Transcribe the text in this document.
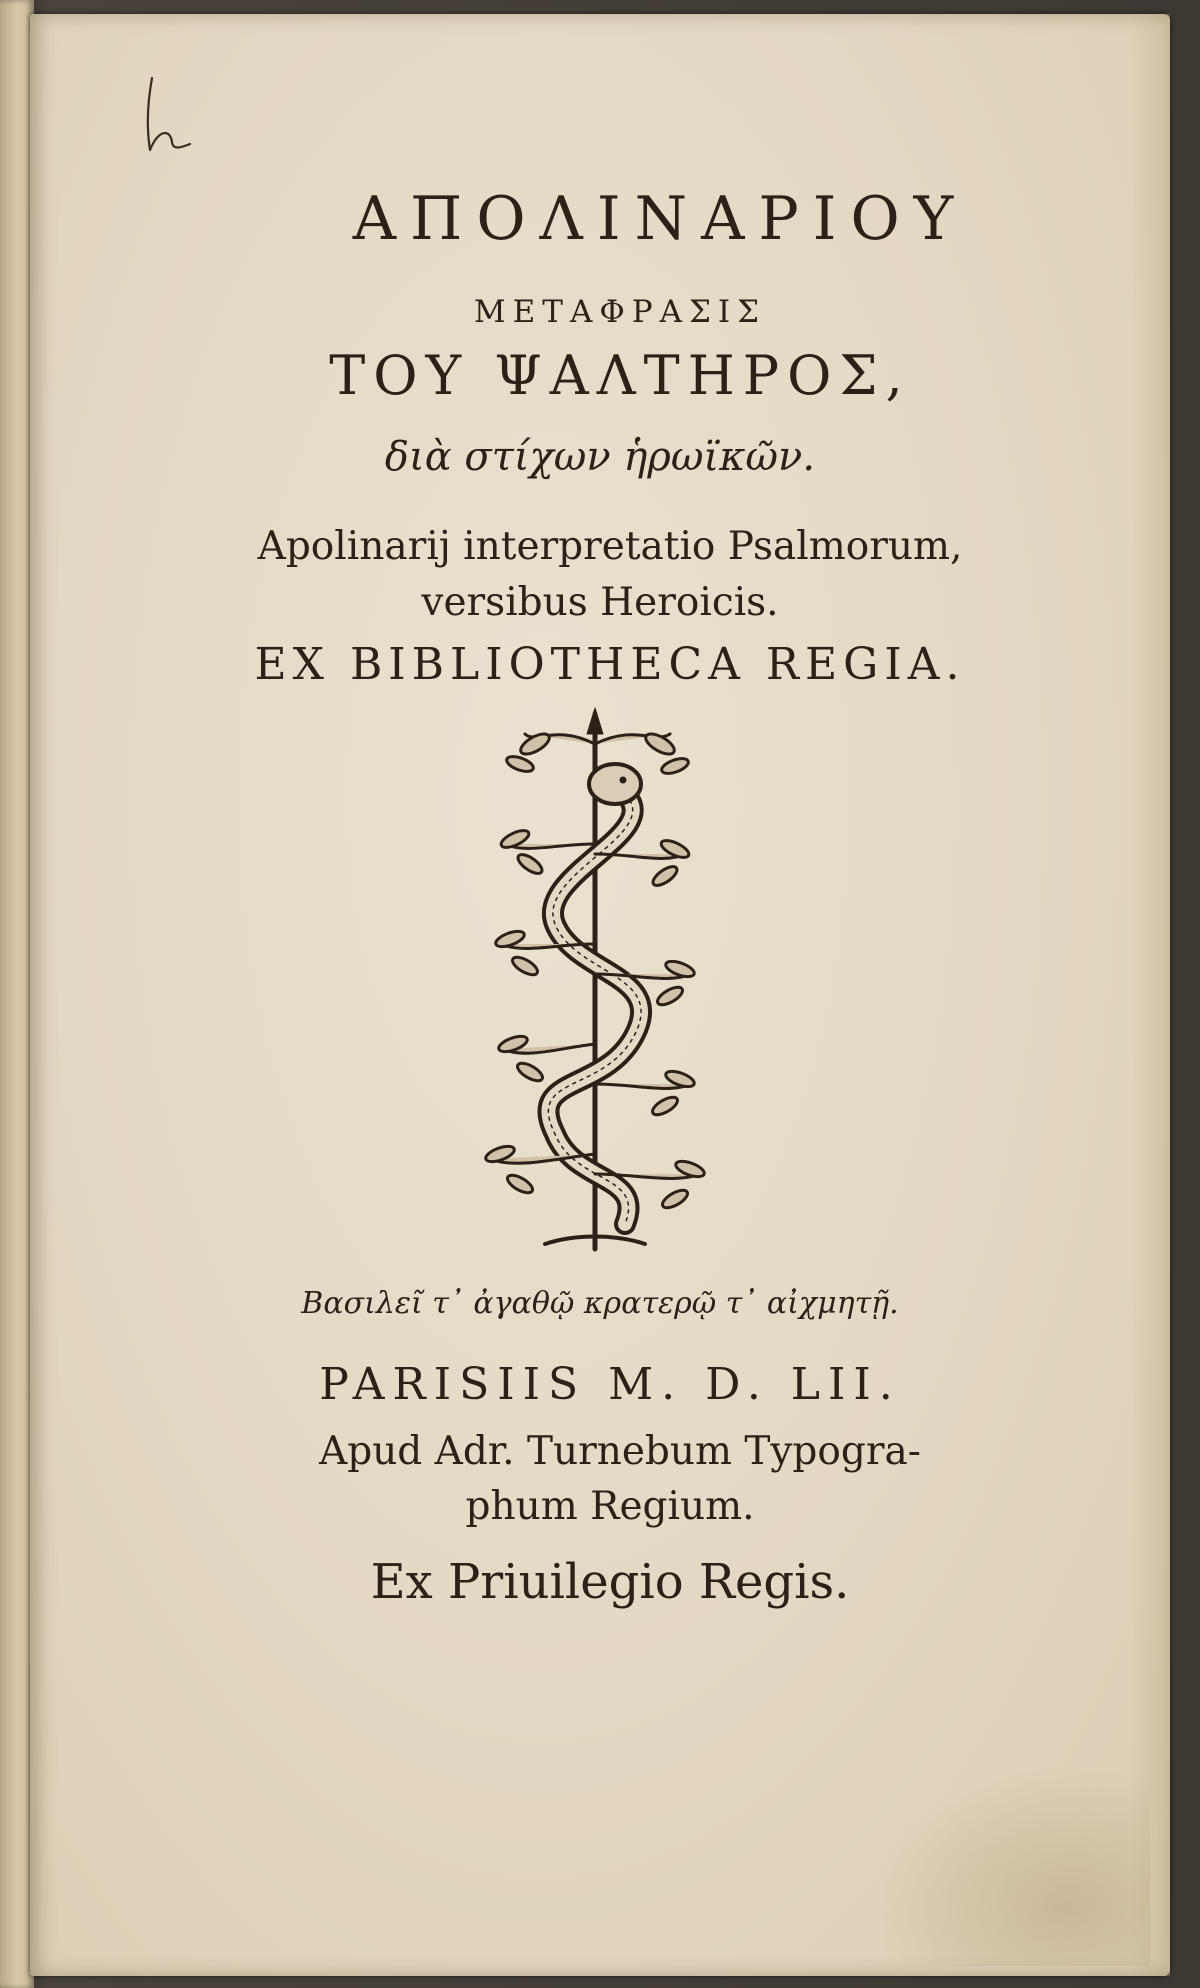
ΑΠΟΛΙΝΑΡΙΟΥ

ΜΕΤΑΦΡΑΣΙΣ

ΤΟΥ ΨΑΛΤΗΡΟΣ,

διὰ στίχων ἡρωϊκῶν.

Apolinarij interpretatio Psalmorum,

versibus Heroicis.

EX BIBLIOTHECA REGIA.

Βασιλεῖ τ᾽ ἀγαθῷ κρατερῷ τ᾽ αἰχμητῇ.

PARISIIS M. D. LII.

Apud Adr. Turnebum Typogra-

phum Regium.

Ex Priuilegio Regis.
